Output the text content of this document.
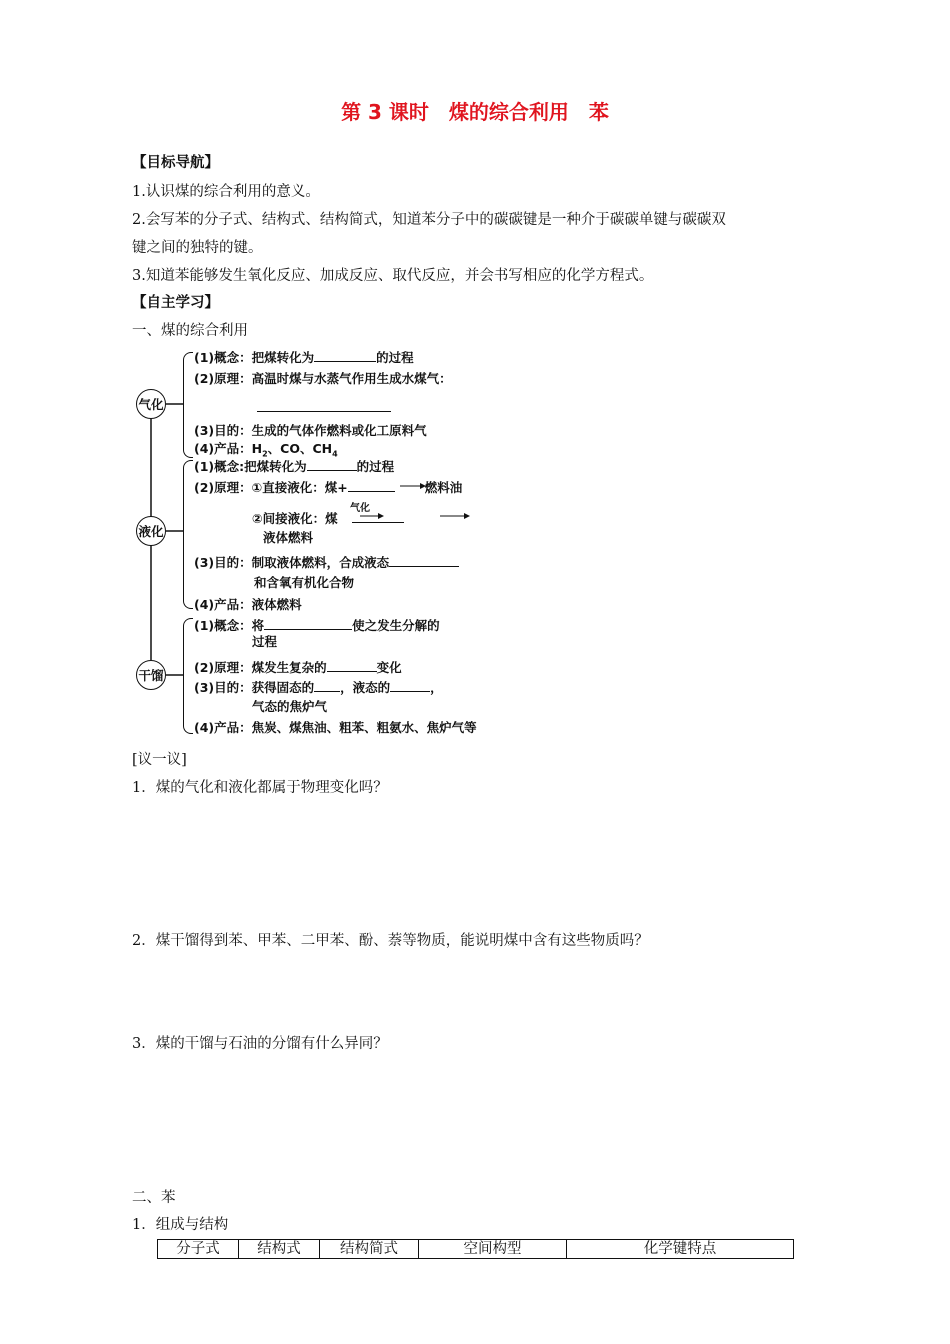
第 3 课时　煤的综合利用　苯
【目标导航】
1.认识煤的综合利用的意义。
2.会写苯的分子式、结构式、结构简式，知道苯分子中的碳碳键是一种介于碳碳单键与碳碳双
键之间的独特的键。
3.知道苯能够发生氧化反应、加成反应、取代反应，并会书写相应的化学方程式。
【自主学习】
一、煤的综合利用
气化
液化
干馏
(1)概念：把煤转化为	的过程
(2)原理：高温时煤与水蒸气作用生成水煤气：
(3)目的：生成的气体作燃料或化工原料气
(4)产品：$H_2$、CO、$CH_4$
(1)概念:把煤转化为	的过程
(2)原理：①直接液化：煤+	燃料油
②间接液化：煤
气化
液体燃料
(3)目的：制取液体燃料，合成液态
和含氧有机化合物
(4)产品：液体燃料
(1)概念：将	使之发生分解的
过程
(2)原理：煤发生复杂的	变化
(3)目的：获得固态的 ，液态的	，
气态的焦炉气
(4)产品：焦炭、煤焦油、粗苯、粗氨水、焦炉气等
[议一议]
1．煤的气化和液化都属于物理变化吗？
2．煤干馏得到苯、甲苯、二甲苯、酚、萘等物质，能说明煤中含有这些物质吗？
3．煤的干馏与石油的分馏有什么异同？
二、苯
1．组成与结构
分子式	结构式	结构简式	空间构型	化学键特点
